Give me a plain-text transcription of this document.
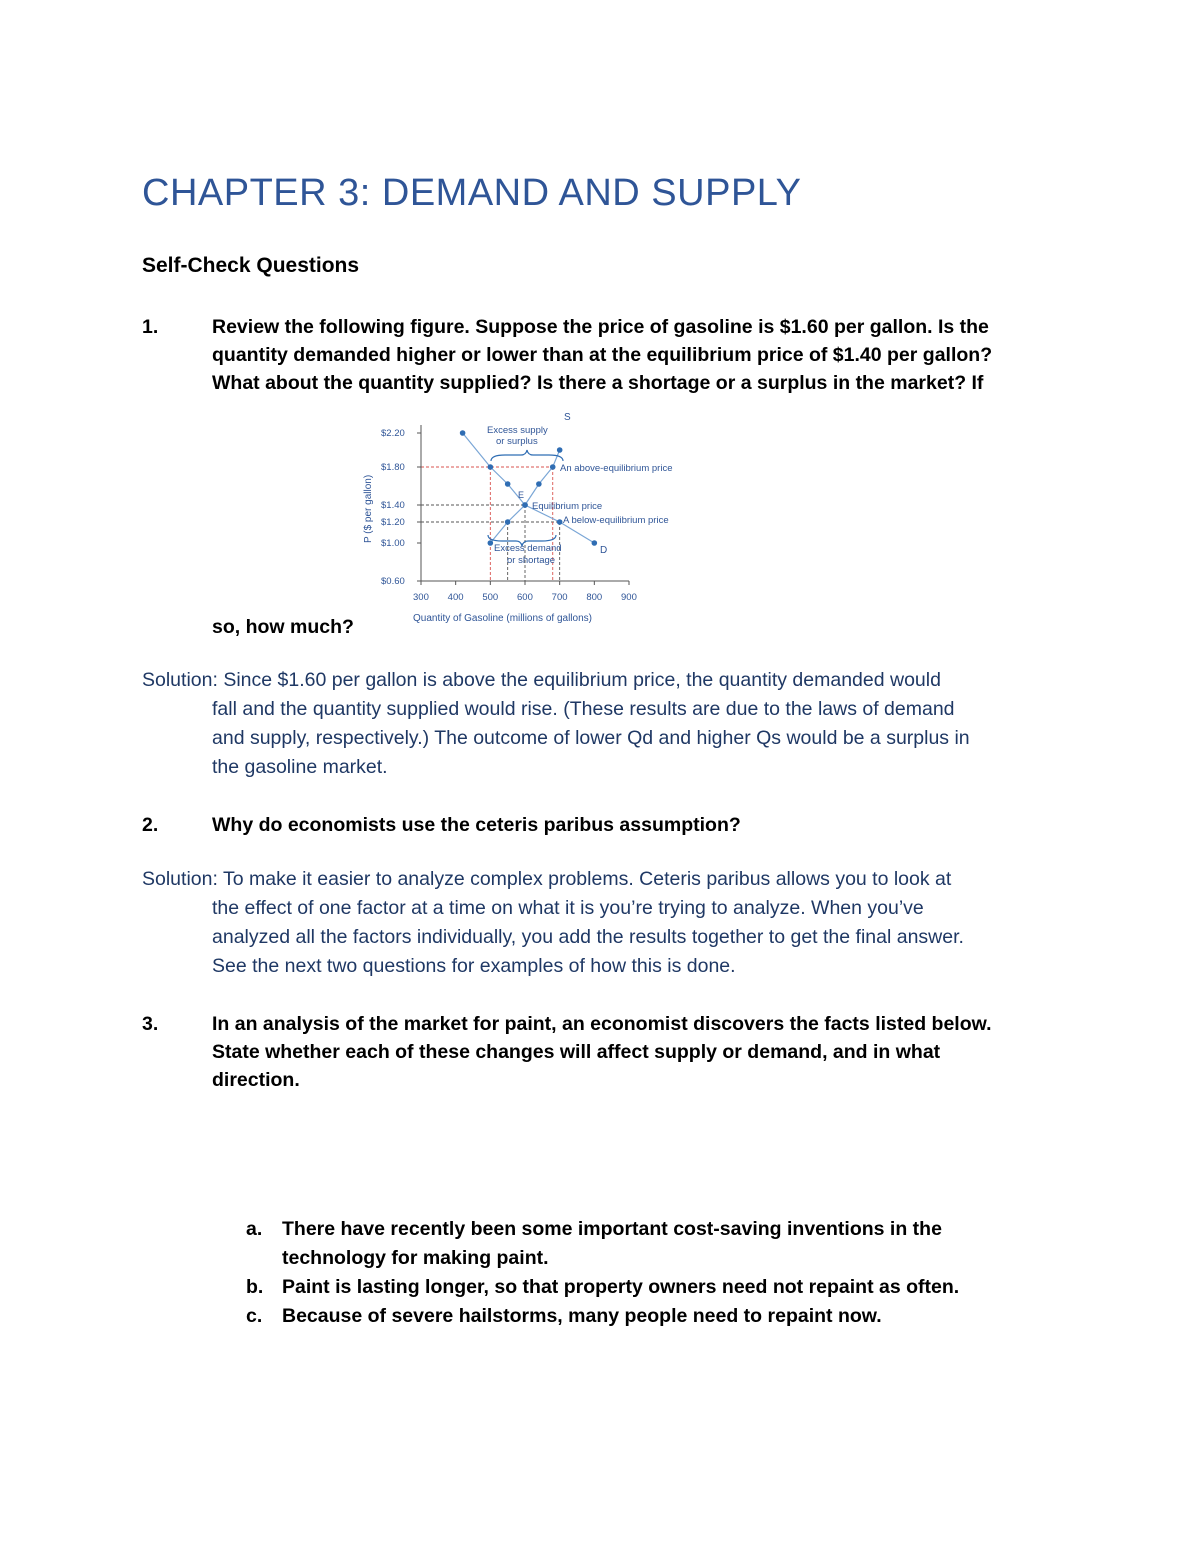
CHAPTER 3: DEMAND AND SUPPLY
Self-Check Questions
1.	Review the following figure. Suppose the price of gasoline is $1.60 per gallon. Is the
quantity demanded higher or lower than at the equilibrium price of $1.40 per gallon?
What about the quantity supplied? Is there a shortage or a surplus in the market? If
P ($ per gallon)
$2.20
$1.80
$1.40
$1.20
$1.00
$0.60
300 400 500 600 700 800 900
Excess supply
or surplus
An above-equilibrium price
Equilibrium price
A below-equilibrium price
Excess demand
or shortage
E
S
D
Quantity of Gasoline (millions of gallons)
so, how much?
Solution: Since $1.60 per gallon is above the equilibrium price, the quantity demanded would
fall and the quantity supplied would rise. (These results are due to the laws of demand
and supply, respectively.) The outcome of lower Qd and higher Qs would be a surplus in
the gasoline market.
2.	Why do economists use the ceteris paribus assumption?
Solution: To make it easier to analyze complex problems. Ceteris paribus allows you to look at
the effect of one factor at a time on what it is you’re trying to analyze. When you’ve
analyzed all the factors individually, you add the results together to get the final answer.
See the next two questions for examples of how this is done.
3.	In an analysis of the market for paint, an economist discovers the facts listed below.
State whether each of these changes will affect supply or demand, and in what
direction.
a. There have recently been some important cost-saving inventions in the
technology for making paint.
b. Paint is lasting longer, so that property owners need not repaint as often.
c. Because of severe hailstorms, many people need to repaint now.
